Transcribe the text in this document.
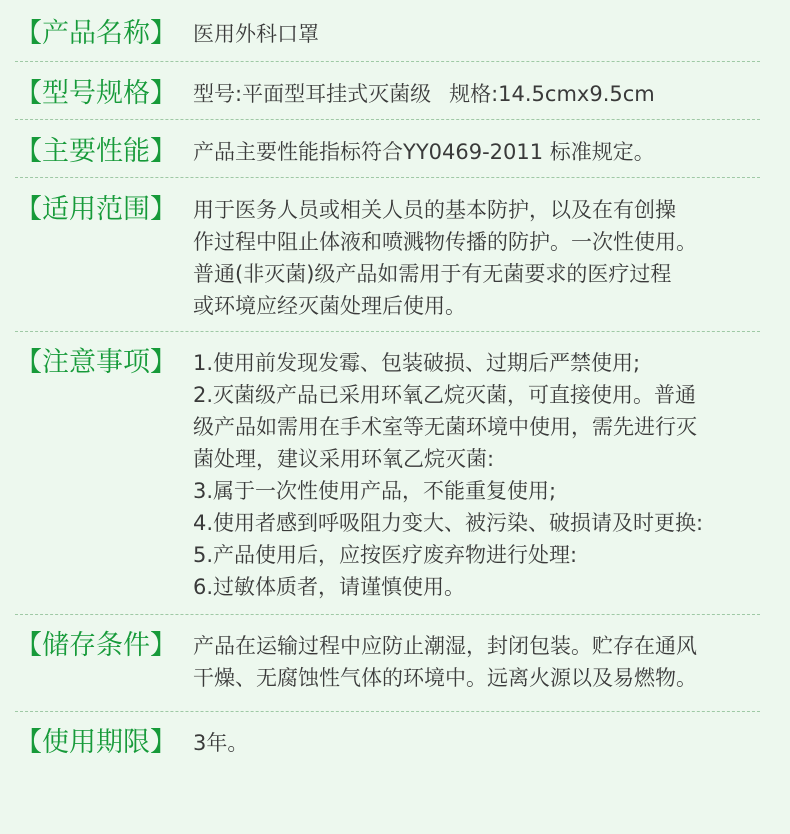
【产品名称】 医用外科口罩
【型号规格】 型号:平面型耳挂式灭菌级 规格:14.5cmx9.5cm
【主要性能】 产品主要性能指标符合YY0469-2011 标准规定。
【适用范围】 用于医务人员或相关人员的基本防护，以及在有创操
作过程中阻止体液和喷溅物传播的防护。一次性使用。
普通(非灭菌)级产品如需用于有无菌要求的医疗过程
或环境应经灭菌处理后使用。
【注意事项】 1.使用前发现发霉、包装破损、过期后严禁使用;
2.灭菌级产品已采用环氧乙烷灭菌，可直接使用。普通
级产品如需用在手术室等无菌环境中使用，需先进行灭
菌处理，建议采用环氧乙烷灭菌:
3.属于一次性使用产品，不能重复使用;
4.使用者感到呼吸阻力变大、被污染、破损请及时更换:
5.产品使用后，应按医疗废弃物进行处理:
6.过敏体质者，请谨慎使用。
【储存条件】 产品在运输过程中应防止潮湿，封闭包装。贮存在通风
干燥、无腐蚀性气体的环境中。远离火源以及易燃物。
【使用期限】 3年。
